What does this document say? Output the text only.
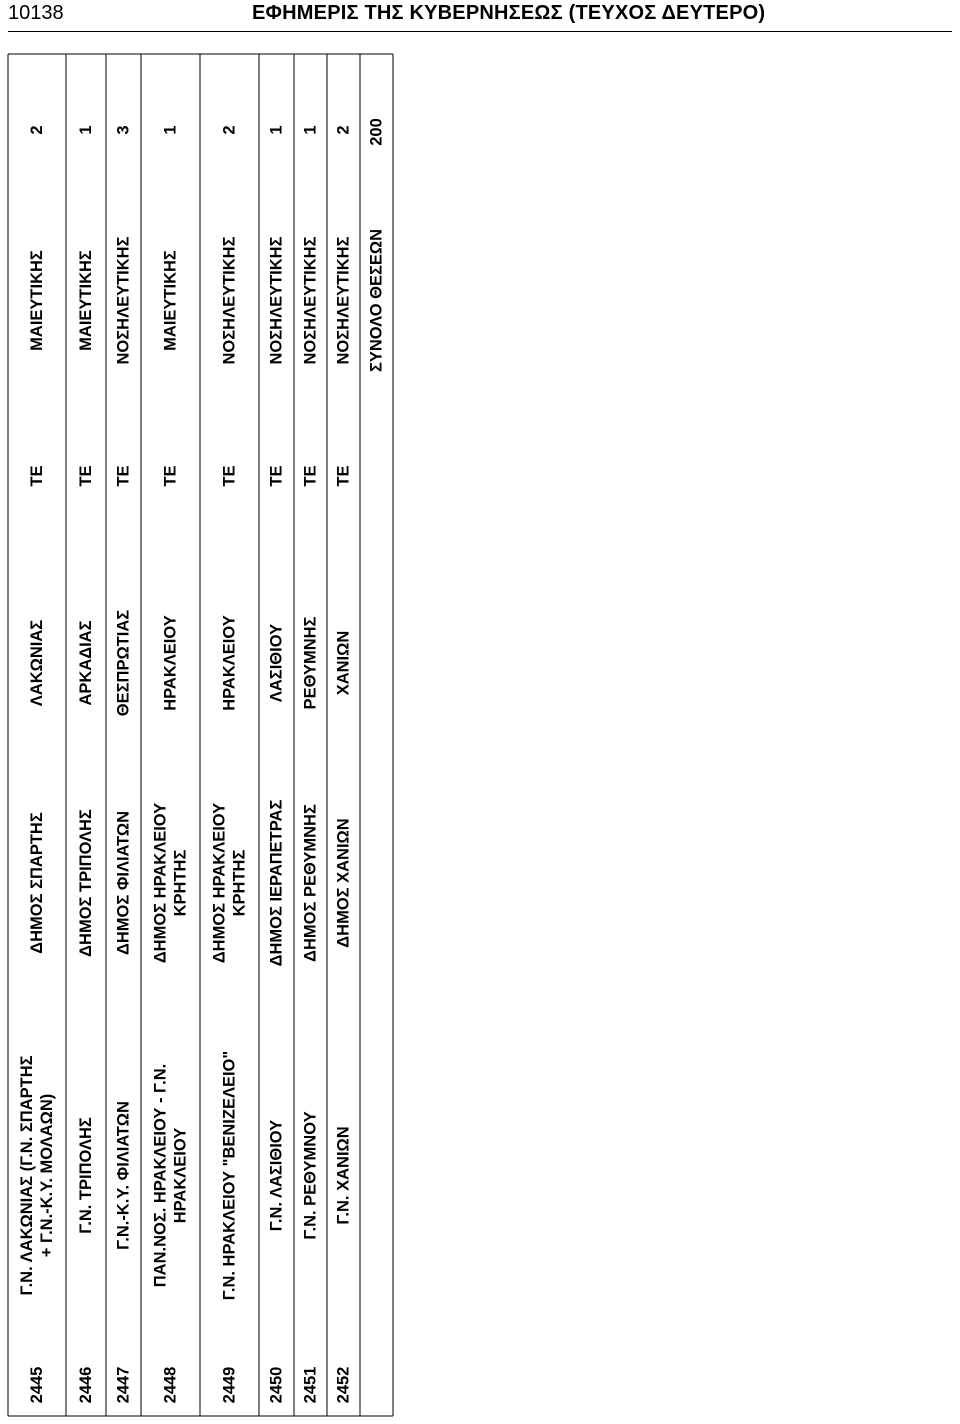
10138	ΕΦΗΜΕΡΙΣ ΤΗΣ ΚΥΒΕΡΝΗΣΕΩΣ (ΤΕΥΧΟΣ ΔΕΥΤΕΡΟ)
2445
Γ.Ν. ΛΑΚΩΝΙΑΣ (Γ.Ν. ΣΠΑΡΤΗΣ + Γ.Ν.-Κ.Υ. ΜΟΛΑΩΝ)
ΔΗΜΟΣ ΣΠΑΡΤΗΣ
ΛΑΚΩΝΙΑΣ
ΤΕ
ΜΑΙΕΥΤΙΚΗΣ
2
2446
Γ.Ν. ΤΡΙΠΟΛΗΣ
ΔΗΜΟΣ ΤΡΙΠΟΛΗΣ
ΑΡΚΑΔΙΑΣ
ΤΕ
ΜΑΙΕΥΤΙΚΗΣ
1
2447
Γ.Ν.-Κ.Υ. ΦΙΛΙΑΤΩΝ
ΔΗΜΟΣ ΦΙΛΙΑΤΩΝ
ΘΕΣΠΡΩΤΙΑΣ
ΤΕ
ΝΟΣΗΛΕΥΤΙΚΗΣ
3
2448
ΠΑΝ.ΝΟΣ. ΗΡΑΚΛΕΙΟΥ - Γ.Ν. ΗΡΑΚΛΕΙΟΥ
ΔΗΜΟΣ ΗΡΑΚΛΕΙΟΥ ΚΡΗΤΗΣ
ΗΡΑΚΛΕΙΟΥ
ΤΕ
ΜΑΙΕΥΤΙΚΗΣ
1
2449
Γ.Ν. ΗΡΑΚΛΕΙΟΥ "ΒΕΝΙΖΕΛΕΙΟ"
ΔΗΜΟΣ ΗΡΑΚΛΕΙΟΥ ΚΡΗΤΗΣ
ΗΡΑΚΛΕΙΟΥ
ΤΕ
ΝΟΣΗΛΕΥΤΙΚΗΣ
2
2450
Γ.Ν. ΛΑΣΙΘΙΟΥ
ΔΗΜΟΣ ΙΕΡΑΠΕΤΡΑΣ
ΛΑΣΙΘΙΟΥ
ΤΕ
ΝΟΣΗΛΕΥΤΙΚΗΣ
1
2451
Γ.Ν. ΡΕΘΥΜΝΟΥ
ΔΗΜΟΣ ΡΕΘΥΜΝΗΣ
ΡΕΘΥΜΝΗΣ
ΤΕ
ΝΟΣΗΛΕΥΤΙΚΗΣ
1
2452
Γ.Ν. ΧΑΝΙΩΝ
ΔΗΜΟΣ ΧΑΝΙΩΝ
ΧΑΝΙΩΝ
ΤΕ
ΝΟΣΗΛΕΥΤΙΚΗΣ
2
ΣΥΝΟΛΟ ΘΕΣΕΩΝ
200
